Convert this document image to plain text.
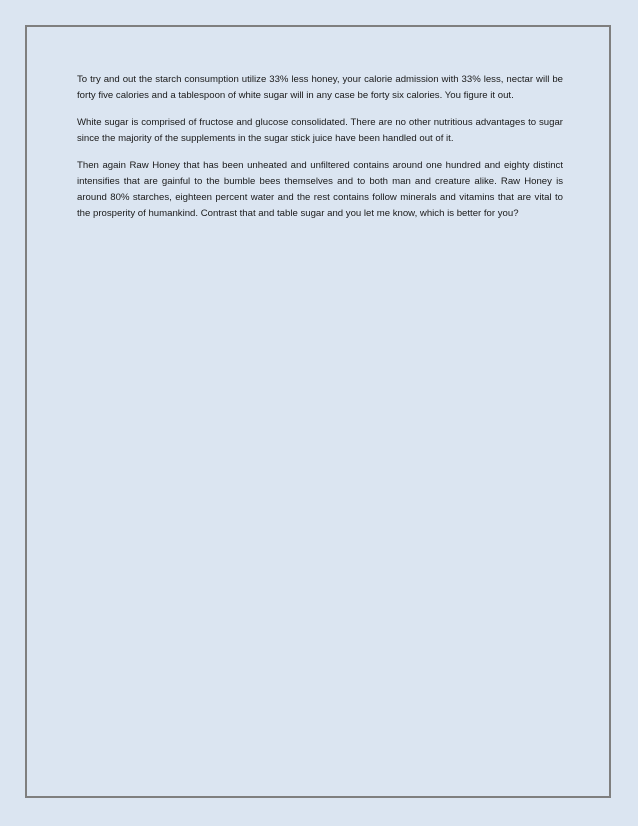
To try and out the starch consumption utilize 33% less honey, your calorie admission with 33% less, nectar will be forty five calories and a tablespoon of white sugar will in any case be forty six calories. You figure it out.

White sugar is comprised of fructose and glucose consolidated. There are no other nutritious advantages to sugar since the majority of the supplements in the sugar stick juice have been handled out of it.

Then again Raw Honey that has been unheated and unfiltered contains around one hundred and eighty distinct intensifies that are gainful to the bumble bees themselves and to both man and creature alike. Raw Honey is around 80% starches, eighteen percent water and the rest contains follow minerals and vitamins that are vital to the prosperity of humankind. Contrast that and table sugar and you let me know, which is better for you?
